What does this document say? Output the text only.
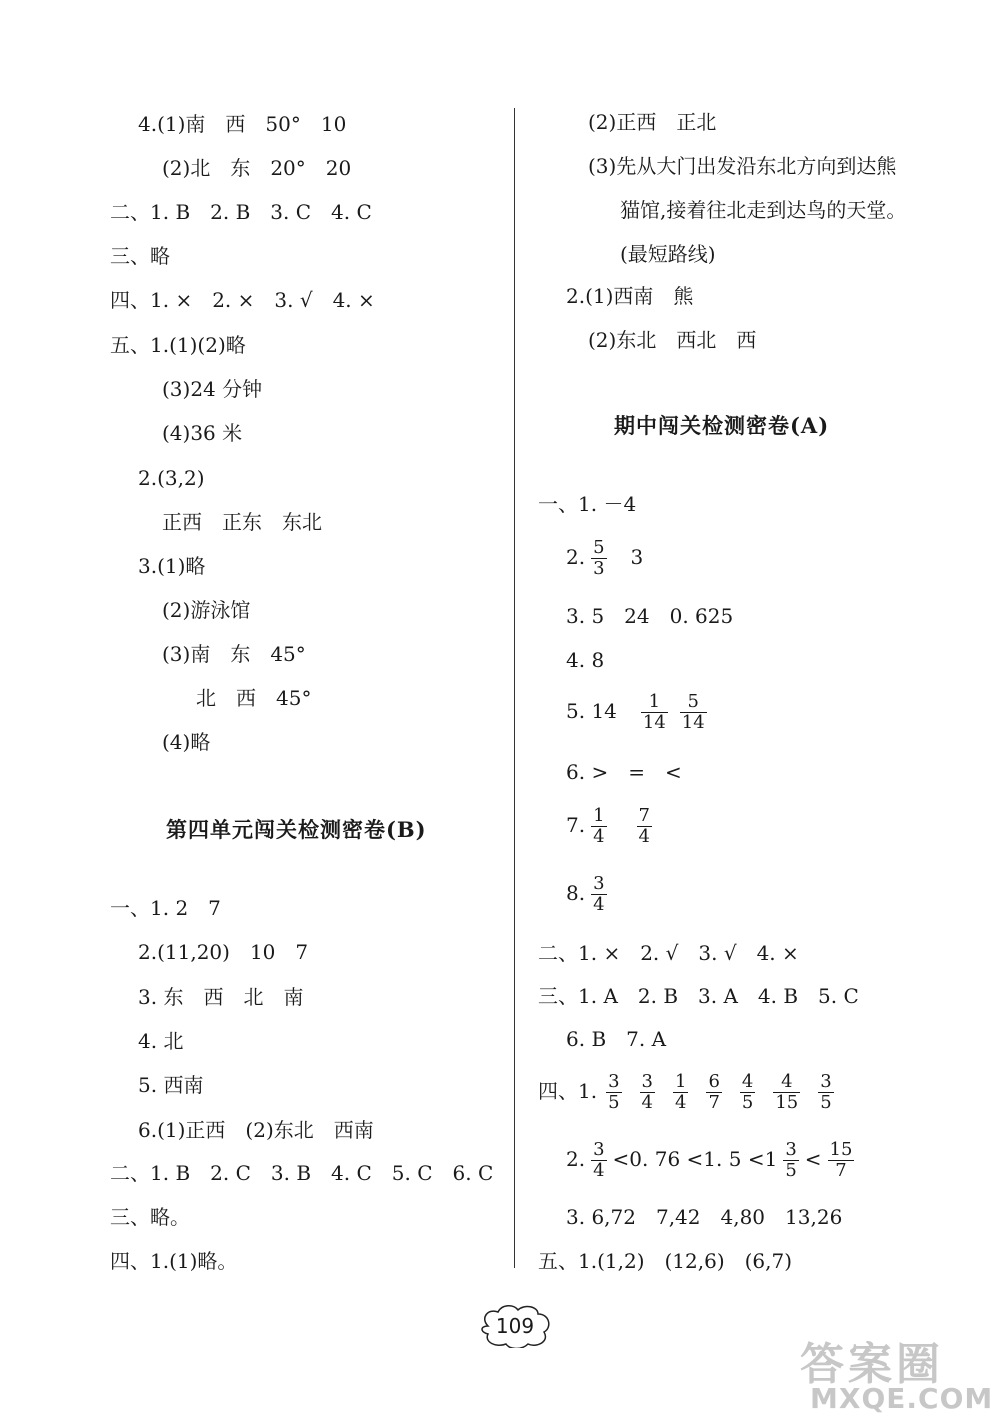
4.(1)南　西　50°　10
(2)北　东　20°　20
二、1. B　2. B　3. C　4. C
三、略
四、1. ×　2. ×　3. √　4. ×
五、1.(1)(2)略
(3)24 分钟
(4)36 米
2.(3,2)
正西　正东　东北
3.(1)略
(2)游泳馆
(3)南　东　45°
北　西　45°
(4)略
第四单元闯关检测密卷(B)
一、1. 2　7
2.(11,20)　10　7
3. 东　西　北　南
4. 北
5. 西南
6.(1)正西　(2)东北　西南
二、1. B　2. C　3. B　4. C　5. C　6. C
三、略。
四、1.(1)略。
(2)正西　正北
(3)先从大门出发沿东北方向到达熊
猫馆,接着往北走到达鸟的天堂。
(最短路线)
2.(1)西南　熊
(2)东北　西北　西
期中闯关检测密卷(A)
一、1. －4
2. $\frac{5}{3} 3$
3. 5　24　0. 625
4. 8
5. $14 \frac{1}{14} \frac{5}{14}$
6. >　=　<
7. $\frac{1}{4} \frac{7}{4}$
8. $\frac{3}{4}$
二、1. ×　2. √　3. √　4. ×
三、1. A　2. B　3. A　4. B　5. C
6. B　7. A
四、1. $\frac{3}{5} \frac{3}{4} \frac{1}{4} \frac{6}{7} \frac{4}{5} \frac{4}{15} \frac{3}{5}$
2. $\frac{3}{4} <0$. 76 <1. $5 <1 \frac{3}{5} < \frac{15}{7}$
3. 6,72　7,42　4,80　13,26
五、1.(1,2)　(12,6)　(6,7)
109
答案圈
MXQE.COM
